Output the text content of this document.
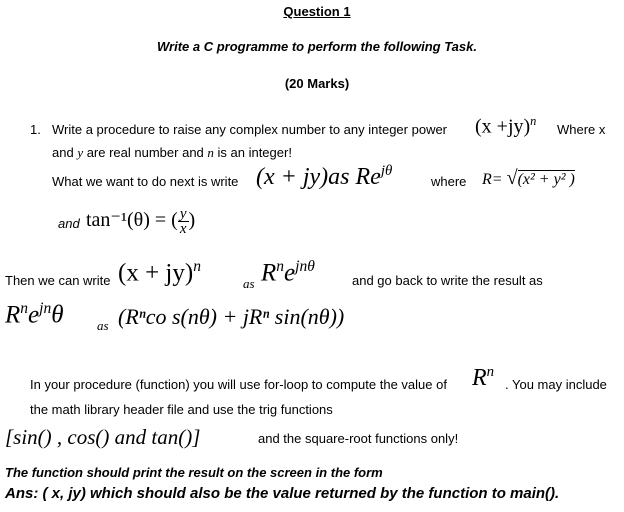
Question 1
Write a C programme to perform the following Task.
(20 Marks)
1. Write a procedure to raise any complex number to any integer power $(x +jy)^n$
Where x
and y are real number and n is an integer!
What we want to do next is write (x + jy)as $Re^{j\theta}$
where R= √(x² + y² )
and tan⁻¹(θ) = ( $\frac{y}{x}$ )
Then we can write (x + jy)$^n$
as $R^ne^{jn\theta}$
and go back to write the result as
$R^ne^{jn}\theta$	as (Rⁿco s(nθ) + jRⁿ sin(nθ))
In your procedure (function) you will use for-loop to compute the value of $R^n$
. You may include
the math library header file and use the trig functions
[sin() , cos() and tan()]	and the square-root functions only!
The function should print the result on the screen in the form
Ans: ( x, jy) which should also be the value returned by the function to main().
